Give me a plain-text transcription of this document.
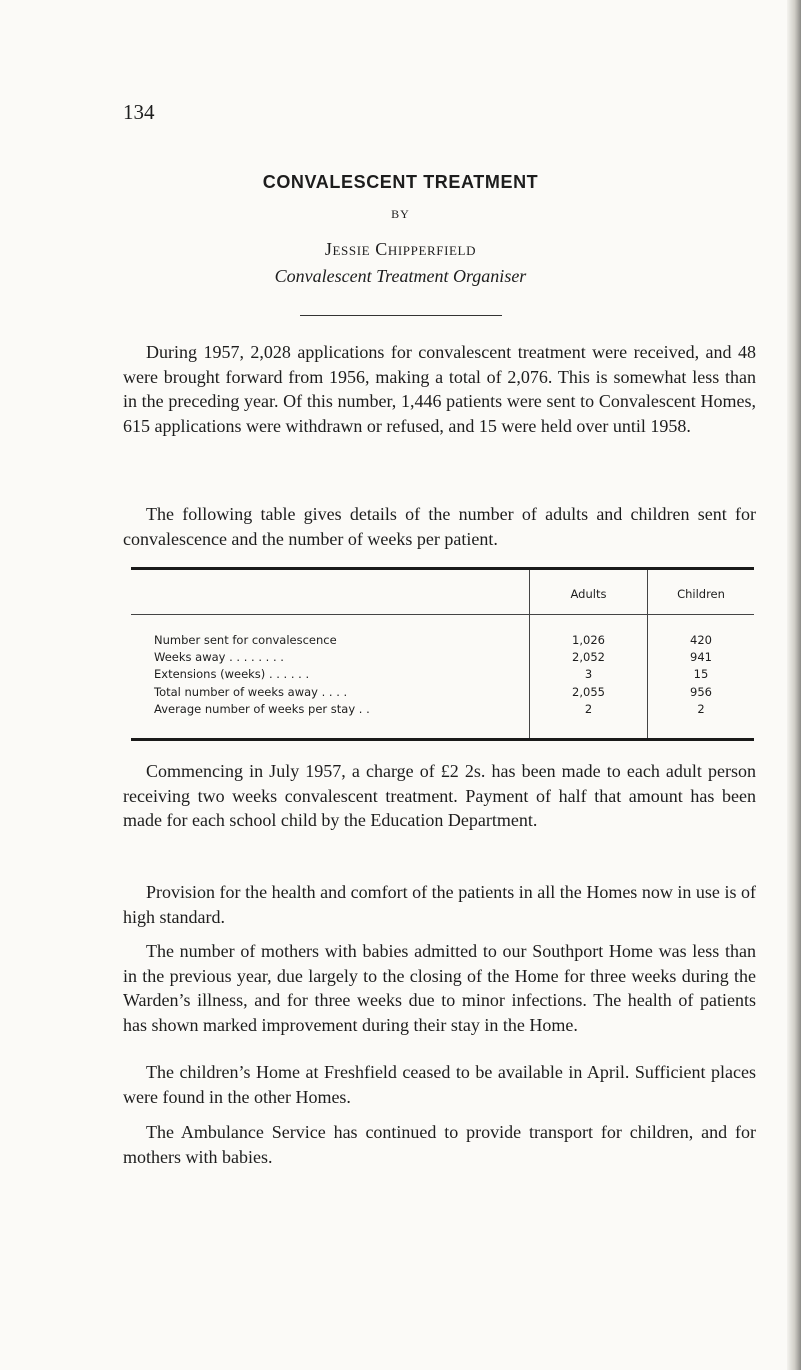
134
CONVALESCENT TREATMENT
BY
Jessie Chipperfield
Convalescent Treatment Organiser

During 1957, 2,028 applications for convalescent treatment were received, and 48 were brought forward from 1956, making a total of 2,076. This is somewhat less than in the preceding year. Of this number, 1,446 patients were sent to Convalescent Homes, 615 applications were withdrawn or refused, and 15 were held over until 1958.

The following table gives details of the number of adults and children sent for convalescence and the number of weeks per patient.

	Adults	Children

Number sent for convalescence	1,026	420
Weeks away . . . . . . . .	2,052	941
Extensions (weeks) . . . . . .	3	15
Total number of weeks away . . . .	2,055	956
Average number of weeks per stay . .	2	2

Commencing in July 1957, a charge of £2 2s. has been made to each adult person receiving two weeks convalescent treatment. Payment of half that amount has been made for each school child by the Education Department.

Provision for the health and comfort of the patients in all the Homes now in use is of high standard.

The number of mothers with babies admitted to our Southport Home was less than in the previous year, due largely to the closing of the Home for three weeks during the Warden’s illness, and for three weeks due to minor infections. The health of patients has shown marked improvement during their stay in the Home.

The children’s Home at Freshfield ceased to be available in April. Sufficient places were found in the other Homes.

The Ambulance Service has continued to provide transport for children, and for mothers with babies.
